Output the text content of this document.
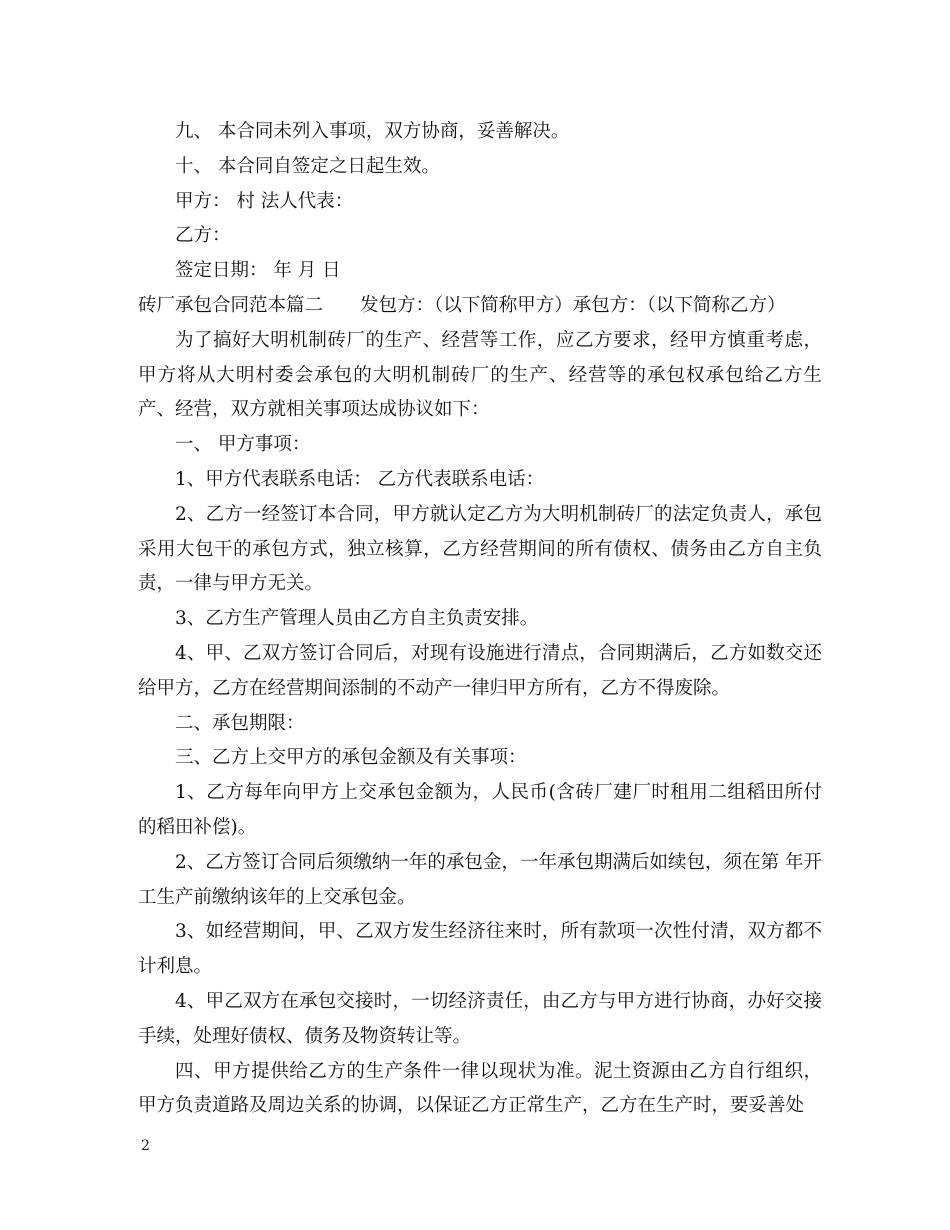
九、 本合同未列入事项，双方协商，妥善解决。
十、 本合同自签定之日起生效。
甲方： 村 法人代表：
乙方：
签定日期： 年 月 日
砖厂承包合同范本篇二　　发包方：（以下简称甲方）承包方：（以下简称乙方）
为了搞好大明机制砖厂的生产、经营等工作，应乙方要求，经甲方慎重考虑，甲方将从大明村委会承包的大明机制砖厂的生产、经营等的承包权承包给乙方生产、经营，双方就相关事项达成协议如下：
一、 甲方事项：
1、甲方代表联系电话： 乙方代表联系电话：
2、乙方一经签订本合同，甲方就认定乙方为大明机制砖厂的法定负责人，承包采用大包干的承包方式，独立核算，乙方经营期间的所有债权、债务由乙方自主负责，一律与甲方无关。
3、乙方生产管理人员由乙方自主负责安排。
4、甲、乙双方签订合同后，对现有设施进行清点，合同期满后，乙方如数交还给甲方，乙方在经营期间添制的不动产一律归甲方所有，乙方不得废除。
二、承包期限：
三、乙方上交甲方的承包金额及有关事项：
1、乙方每年向甲方上交承包金额为，人民币(含砖厂建厂时租用二组稻田所付的稻田补偿)。
2、乙方签订合同后须缴纳一年的承包金，一年承包期满后如续包，须在第 年开工生产前缴纳该年的上交承包金。
3、如经营期间，甲、乙双方发生经济往来时，所有款项一次性付清，双方都不计利息。
4、甲乙双方在承包交接时，一切经济责任，由乙方与甲方进行协商，办好交接手续，处理好债权、债务及物资转让等。
四、甲方提供给乙方的生产条件一律以现状为准。泥土资源由乙方自行组织，甲方负责道路及周边关系的协调，以保证乙方正常生产，乙方在生产时，要妥善处
2
